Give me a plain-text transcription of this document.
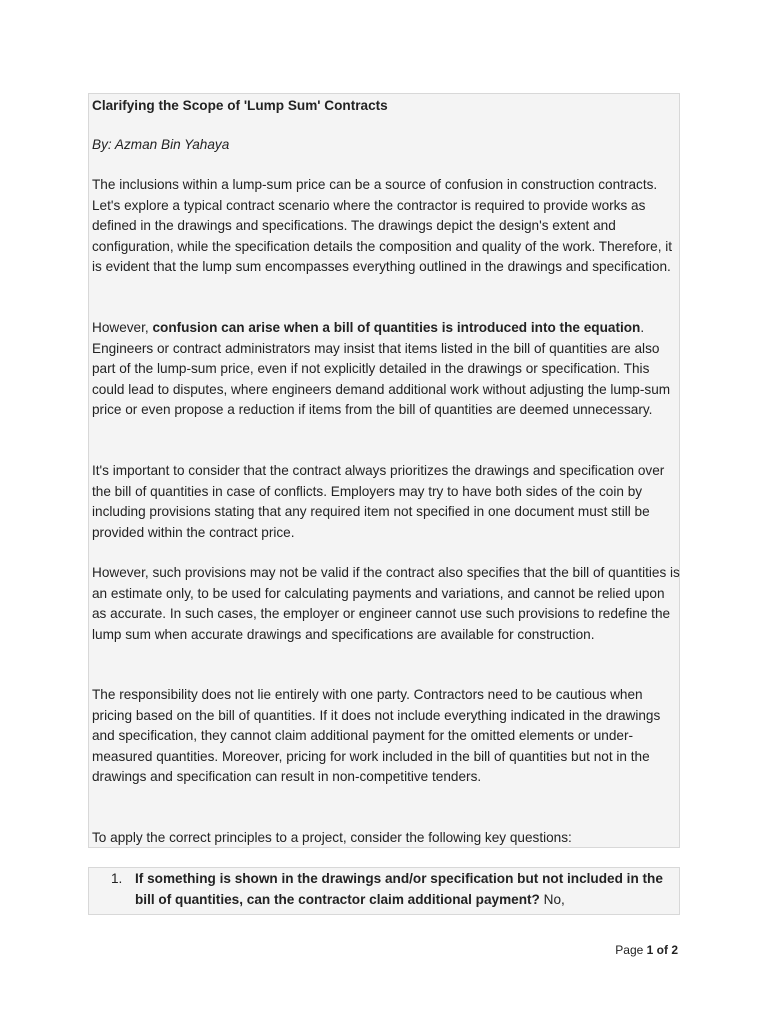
Clarifying the Scope of 'Lump Sum' Contracts

By: Azman Bin Yahaya

The inclusions within a lump-sum price can be a source of confusion in construction contracts. Let's explore a typical contract scenario where the contractor is required to provide works as defined in the drawings and specifications. The drawings depict the design's extent and configuration, while the specification details the composition and quality of the work. Therefore, it is evident that the lump sum encompasses everything outlined in the drawings and specification.

However, confusion can arise when a bill of quantities is introduced into the equation. Engineers or contract administrators may insist that items listed in the bill of quantities are also part of the lump-sum price, even if not explicitly detailed in the drawings or specification. This could lead to disputes, where engineers demand additional work without adjusting the lump-sum price or even propose a reduction if items from the bill of quantities are deemed unnecessary.

It's important to consider that the contract always prioritizes the drawings and specification over the bill of quantities in case of conflicts. Employers may try to have both sides of the coin by including provisions stating that any required item not specified in one document must still be provided within the contract price.

However, such provisions may not be valid if the contract also specifies that the bill of quantities is an estimate only, to be used for calculating payments and variations, and cannot be relied upon as accurate. In such cases, the employer or engineer cannot use such provisions to redefine the lump sum when accurate drawings and specifications are available for construction.

The responsibility does not lie entirely with one party. Contractors need to be cautious when pricing based on the bill of quantities. If it does not include everything indicated in the drawings and specification, they cannot claim additional payment for the omitted elements or under-measured quantities. Moreover, pricing for work included in the bill of quantities but not in the drawings and specification can result in non-competitive tenders.

To apply the correct principles to a project, consider the following key questions:

1. If something is shown in the drawings and/or specification but not included in the bill of quantities, can the contractor claim additional payment? No,

Page 1 of 2
